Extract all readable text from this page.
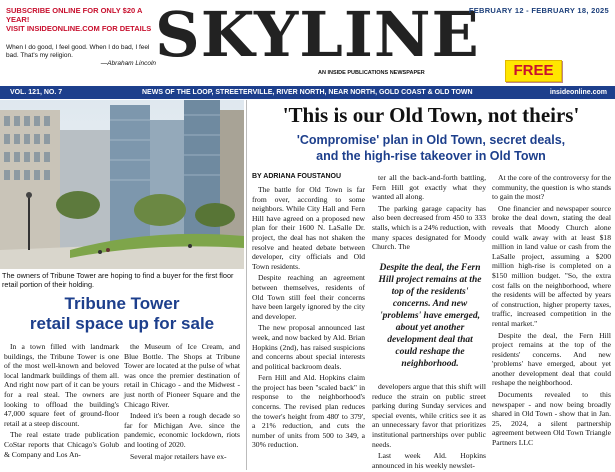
SUBSCRIBE ONLINE FOR ONLY $20 A YEAR!
VISIT INSIDEONLINE.COM FOR DETAILS
When I do good, I feel good. When I do bad, I feel bad. That's my religion.
—Abraham Lincoln SKYLINE
FEBRUARY 12 - FEBRUARY 18, 2025
AN INSIDE PUBLICATIONS NEWSPAPER	FREE
VOL. 121, NO. 7	NEWS OF THE LOOP, STREETERVILLE, RIVER NORTH, NEAR NORTH, GOLD COAST & OLD TOWN	insideonline.com
The owners of Tribune Tower are hoping to find a buyer for the first floor retail portion of their holding.
Tribune Tower
retail space up for sale

In a town filled with landmark buildings, the Tribune Tower is one of the most well-known and beloved local landmark buildings of them all. And right now part of it can be yours for a real steal. The owners are looking to offload the building's 47,000 square feet of ground-floor retail at a steep discount.

The real estate trade publication CoStar reports that Chicago's Golub & Company and Los An-

the Museum of Ice Cream, and Blue Bottle. The Shops at Tribune Tower are located at the pulse of what was once the premier destination of retail in Chicago - and the Midwest - just north of Pioneer Square and the Chicago River.

Indeed it's been a rough decade so far for Michigan Ave. since the pandemic, economic lockdown, riots and looting of 2020.

Several major retailers have ex-

'This is our Old Town, not theirs'
'Compromise' plan in Old Town, secret deals,
and the high-rise takeover in Old Town
BY ADRIANA FOUSTANOU

The battle for Old Town is far from over, according to some neighbors. While City Hall and Fern Hill have agreed on a proposed new plan for their 1600 N. LaSalle Dr. project, the deal has not shaken the resolve and heated debate between developer, city officials and Old Town residents.

Despite reaching an agreement between themselves, residents of Old Town still feel their concerns have been largely ignored by the city and developer.

The new proposal announced last week, and now backed by Ald. Brian Hopkins (2nd), has raised suspicions and concerns about special interests and political backroom deals.

Fern Hill and Ald. Hopkins claim the project has been "scaled back" in response to the neighborhood's concerns. The revised plan reduces the tower's height from 480' to 379', a 21% reduction, and cuts the number of units from 500 to 349, a 30% reduction.

ter all the back-and-forth battling, Fern Hill got exactly what they wanted all along.

The parking garage capacity has also been decreased from 450 to 333 stalls, which is a 24% reduction, with many spaces designated for Moody Church. The

Despite the deal, the Fern Hill project remains at the top of the residents' concerns. And new 'problems' have emerged, about yet another development deal that could reshape the neighborhood.

developers argue that this shift will reduce the strain on public street parking during Sunday services and special events, while critics see it as an unnecessary favor that prioritizes institutional partnerships over public needs.

Last week Ald. Hopkins announced in his weekly newslet-

At the core of the controversy for the community, the question is who stands to gain the most?

One financier and newspaper source broke the deal down, stating the deal reveals that Moody Church alone could walk away with at least $18 million in land value or cash from the LaSalle project, assuming a $200 million high-rise is completed on a $150 million budget. "So, the extra cost falls on the neighborhood, where the residents will be affected by years of construction, higher property taxes, traffic, increased competition in the rental market."

Despite the deal, the Fern Hill project remains at the top of the residents' concerns. And new 'problems' have emerged, about yet another development deal that could reshape the neighborhood.

Documents revealed to this newspaper - and now being broadly shared in Old Town - show that in Jan. 25, 2024, a silent partnership agreement between Old Town Triangle Partners LLC
